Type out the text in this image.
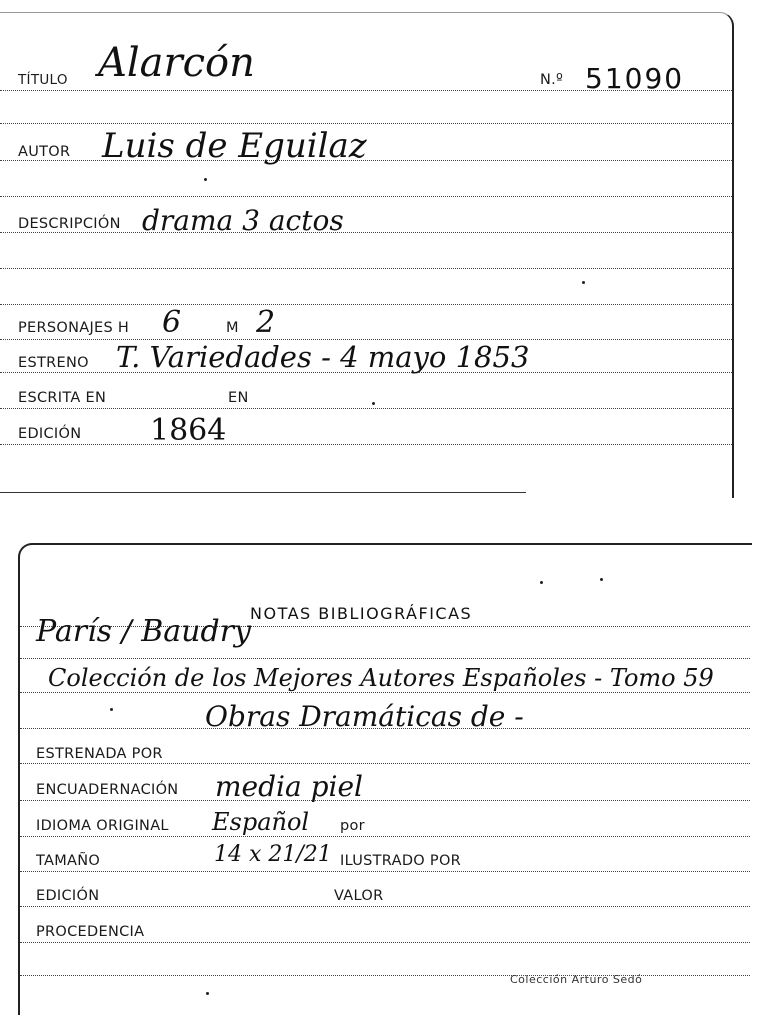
TÍTULO Alarcón	N.º 51090
AUTOR Luis de Eguilaz
DESCRIPCIÓN drama 3 actos
PERSONAJES H 6	M 2
ESTRENO T. Variedades - 4 mayo 1853
ESCRITA EN	EN
EDICIÓN 1864
NOTAS BIBLIOGRÁFICAS
París / Baudry
Colección de los Mejores Autores Españoles - Tomo 59
Obras Dramáticas de -
ESTRENADA POR
ENCUADERNACIÓN media piel
IDIOMA ORIGINAL Español por
TAMAÑO	14 x 21/21 ILUSTRADO POR
EDICIÓN	VALOR
PROCEDENCIA
Colección Arturo Sedó
